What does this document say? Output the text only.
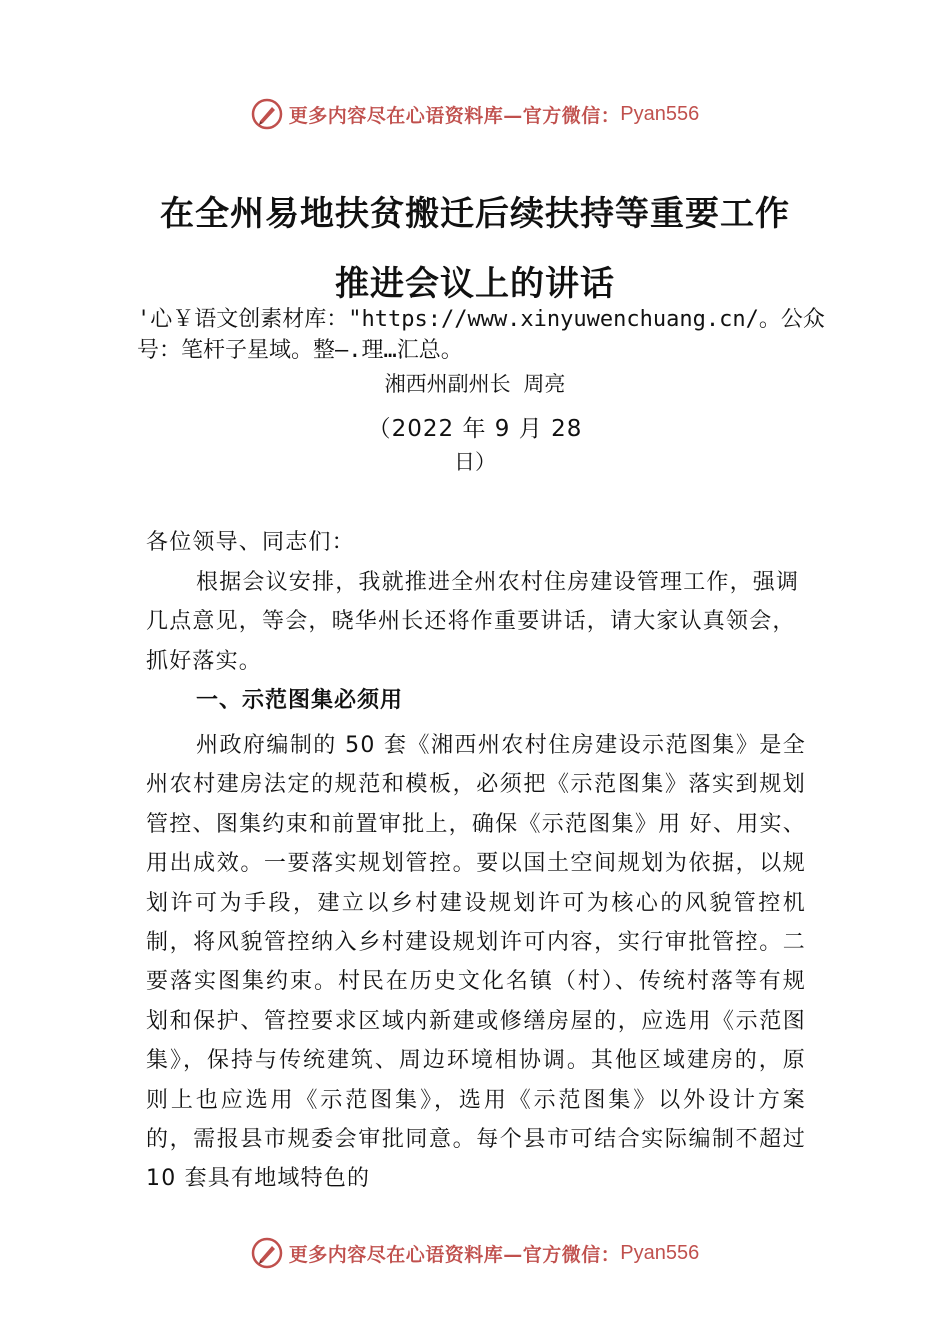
更多内容尽在心语资料库—官方微信： Pyan556
在全州易地扶贫搬迁后续扶持等重要工作
推进会议上的讲话
'心￥语文创素材库："https://www.xinyuwenchuang.cn/。公众号：笔杆子星域。整—.理…汇总。
湘西州副州长 周亮
（2022 年 9 月 28
日）
各位领导、同志们：
根据会议安排，我就推进全州农村住房建设管理工作，强调几点意见，等会，晓华州长还将作重要讲话，请大家认真领会，抓好落实。
一、示范图集必须用
州政府编制的 50 套《湘西州农村住房建设示范图集》是全州农村建房法定的规范和模板，必须把《示范图集》落实到规划管控、图集约束和前置审批上，确保《示范图集》用 好、用实、用出成效。一要落实规划管控。要以国土空间规划为依据，以规划许可为手段，建立以乡村建设规划许可为核心的风貌管控机制，将风貌管控纳入乡村建设规划许可内容，实行审批管控。二要落实图集约束。村民在历史文化名镇（村）、传统村落等有规划和保护、管控要求区域内新建或修缮房屋的，应选用《示范图集》，保持与传统建筑、周边环境相协调。其他区域建房的，原则上也应选用《示范图集》，选用《示范图集》以外设计方案的，需报县市规委会审批同意。每个县市可结合实际编制不超过 10 套具有地域特色的
更多内容尽在心语资料库—官方微信： Pyan556
